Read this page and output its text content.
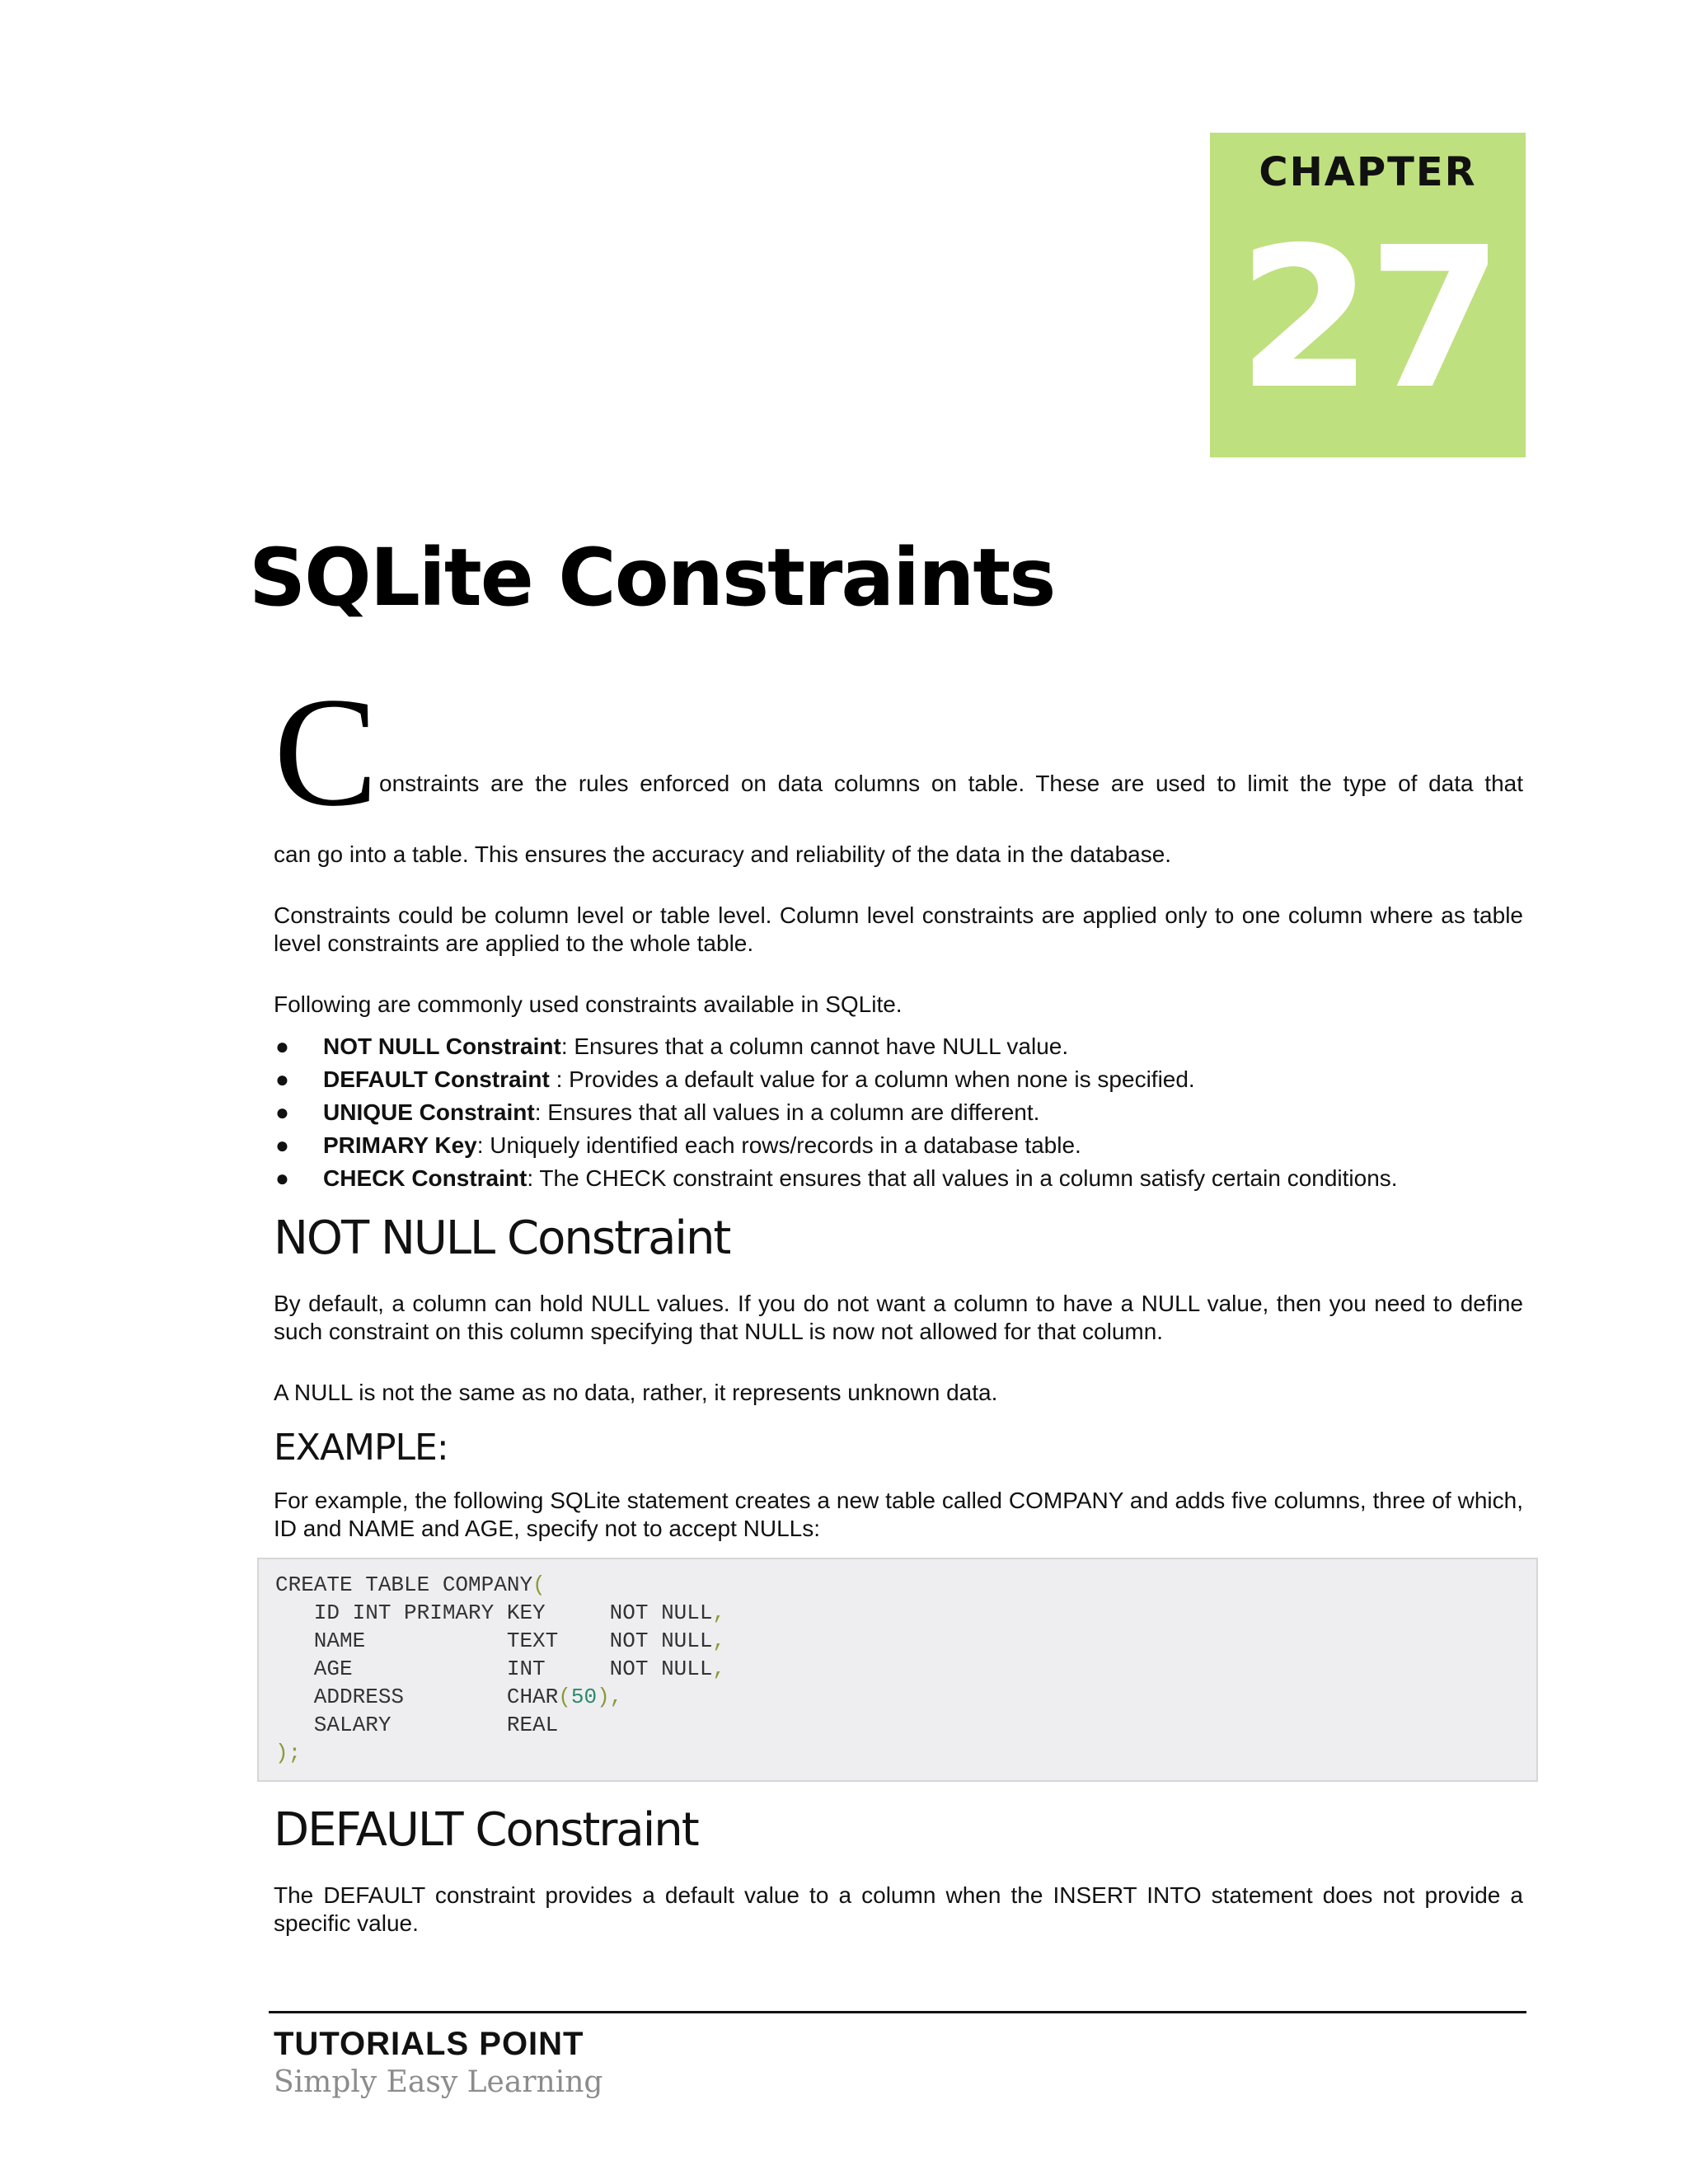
CHAPTER
27
SQLite Constraints
C onstraints are the rules enforced on data columns on table. These are used to limit the type of data that
can go into a table. This ensures the accuracy and reliability of the data in the database.

Constraints could be column level or table level. Column level constraints are applied only to one column where as table level constraints are applied to the whole table.

Following are commonly used constraints available in SQLite.

● NOT NULL Constraint: Ensures that a column cannot have NULL value.
● DEFAULT Constraint : Provides a default value for a column when none is specified.
● UNIQUE Constraint: Ensures that all values in a column are different.
● PRIMARY Key: Uniquely identified each rows/records in a database table.
● CHECK Constraint: The CHECK constraint ensures that all values in a column satisfy certain conditions.
NOT NULL Constraint

By default, a column can hold NULL values. If you do not want a column to have a NULL value, then you need to define such constraint on this column specifying that NULL is now not allowed for that column.

A NULL is not the same as no data, rather, it represents unknown data.

EXAMPLE:

For example, the following SQLite statement creates a new table called COMPANY and adds five columns, three of which, ID and NAME and AGE, specify not to accept NULLs:

CREATE TABLE COMPANY(
ID INT PRIMARY KEY     NOT NULL,
NAME           TEXT    NOT NULL,
AGE            INT     NOT NULL,
ADDRESS        CHAR(50),
SALARY         REAL
);
DEFAULT Constraint

The DEFAULT constraint provides a default value to a column when the INSERT INTO statement does not provide a specific value.

TUTORIALS POINT
Simply Easy Learning
